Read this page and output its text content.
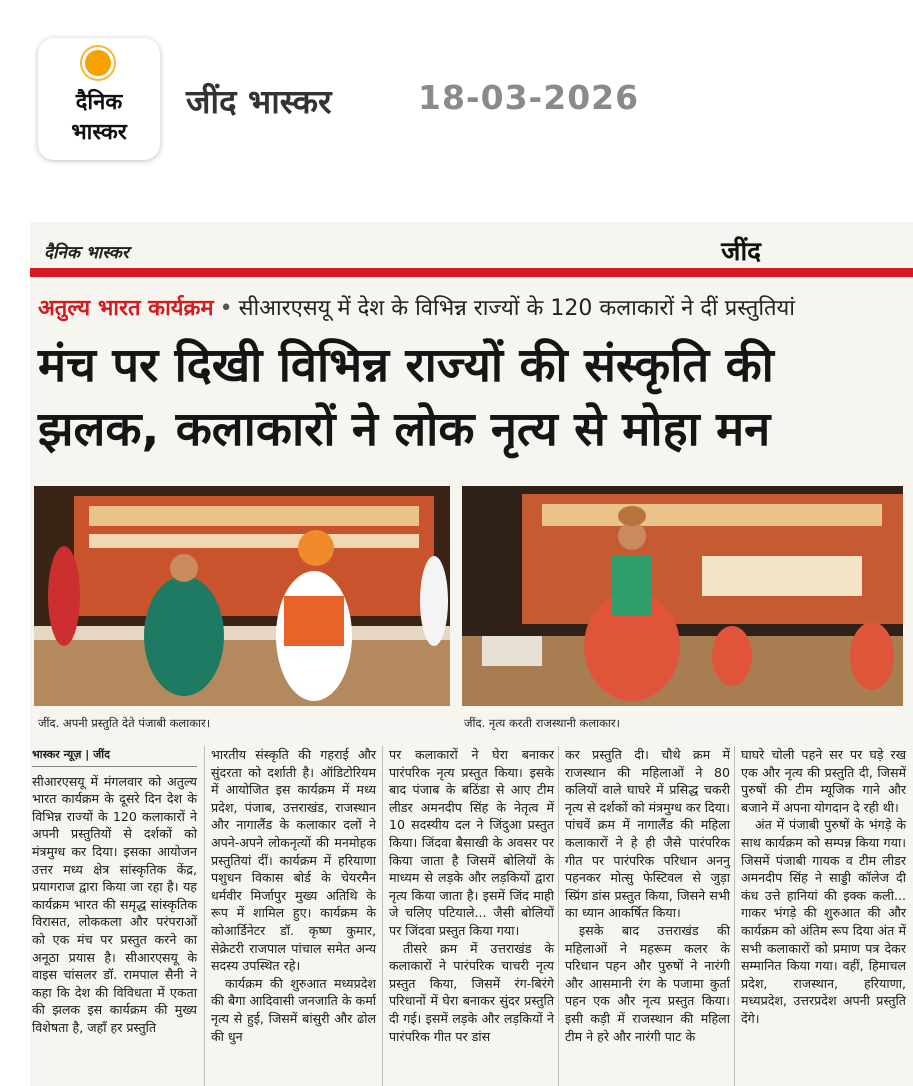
दैनिक
भास्कर
जींद भास्कर	18-03-2026
दैनिक भास्कर	जींद
अतुल्य भारत कार्यक्रम • सीआरएसयू में देश के विभिन्न राज्यों के 120 कलाकारों ने दीं प्रस्तुतियां
मंच पर दिखी विभिन्न राज्यों की संस्कृति की झलक, कलाकारों ने लोक नृत्य से मोहा मन
जींद. अपनी प्रस्तुति देते पंजाबी कलाकार।	जींद. नृत्य करती राजस्थानी कलाकार।
भास्कर न्यूज़ | जींद

सीआरएसयू में मंगलवार को अतुल्य भारत कार्यक्रम के दूसरे दिन देश के विभिन्न राज्यों के 120 कलाकारों ने अपनी प्रस्तुतियों से दर्शकों को मंत्रमुग्ध कर दिया। इसका आयोजन उत्तर मध्य क्षेत्र सांस्कृतिक केंद्र, प्रयागराज द्वारा किया जा रहा है। यह कार्यक्रम भारत की समृद्ध सांस्कृतिक विरासत, लोककला और परंपराओं को एक मंच पर प्रस्तुत करने का अनूठा प्रयास है। सीआरएसयू के वाइस चांसलर डॉ. रामपाल सैनी ने कहा कि देश की विविधता में एकता की झलक इस कार्यक्रम की मुख्य विशेषता है, जहाँ हर प्रस्तुति

भारतीय संस्कृति की गहराई और सुंदरता को दर्शाती है। ऑडिटोरियम में आयोजित इस कार्यक्रम में मध्य प्रदेश, पंजाब, उत्तराखंड, राजस्थान और नागालैंड के कलाकार दलों ने अपने-अपने लोकनृत्यों की मनमोहक प्रस्तुतियां दीं। कार्यक्रम में हरियाणा पशुधन विकास बोर्ड के चेयरमैन धर्मवीर मिर्जापुर मुख्य अतिथि के रूप में शामिल हुए। कार्यक्रम के कोआर्डिनेटर डॉ. कृष्ण कुमार, सेक्रेटरी राजपाल पांचाल समेत अन्य सदस्य उपस्थित रहे।

कार्यक्रम की शुरुआत मध्यप्रदेश की बैगा आदिवासी जनजाति के कर्मा नृत्य से हुई, जिसमें बांसुरी और ढोल की धुन

पर कलाकारों ने घेरा बनाकर पारंपरिक नृत्य प्रस्तुत किया। इसके बाद पंजाब के बठिंडा से आए टीम लीडर अमनदीप सिंह के नेतृत्व में 10 सदस्यीय दल ने जिंदुआ प्रस्तुत किया। जिंदवा बैसाखी के अवसर पर किया जाता है जिसमें बोलियों के माध्यम से लड़के और लड़कियों द्वारा नृत्य किया जाता है। इसमें जिंद माही जे चलिए पटियाले... जैसी बोलियों पर जिंदवा प्रस्तुत किया गया।

तीसरे क्रम में उत्तराखंड के कलाकारों ने पारंपरिक चाचरी नृत्य प्रस्तुत किया, जिसमें रंग-बिरंगे परिधानों में घेरा बनाकर सुंदर प्रस्तुति दी गई। इसमें लड़के और लड़कियों ने पारंपरिक गीत पर डांस

कर प्रस्तुति दी। चौथे क्रम में राजस्थान की महिलाओं ने 80 कलियों वाले घाघरे में प्रसिद्ध चकरी नृत्य से दर्शकों को मंत्रमुग्ध कर दिया। पांचवें क्रम में नागालैंड की महिला कलाकारों ने हे ही जैसे पारंपरिक गीत पर पारंपरिक परिधान अननु पहनकर मोत्सु फेस्टिवल से जुड़ा स्प्रिंग डांस प्रस्तुत किया, जिसने सभी का ध्यान आकर्षित किया।

इसके बाद उत्तराखंड की महिलाओं ने महरूम कलर के परिधान पहन और पुरुषों ने नारंगी और आसमानी रंग के पजामा कुर्ता पहन एक और नृत्य प्रस्तुत किया। इसी कड़ी में राजस्थान की महिला टीम ने हरे और नारंगी पाट के

घाघरे चोली पहने सर पर घड़े रख एक और नृत्य की प्रस्तुति दी, जिसमें पुरुषों की टीम म्यूजिक गाने और बजाने में अपना योगदान दे रही थी।

अंत में पंजाबी पुरुषों के भंगड़े के साथ कार्यक्रम को सम्पन्न किया गया। जिसमें पंजाबी गायक व टीम लीडर अमनदीप सिंह ने साड्डी कॉलेज दी कंध उत्ते हानियां की इक्क कली... गाकर भंगड़े की शुरुआत की और कार्यक्रम को अंतिम रूप दिया अंत में सभी कलाकारों को प्रमाण पत्र देकर सम्मानित किया गया। वहीं, हिमाचल प्रदेश, राजस्थान, हरियाणा, मध्यप्रदेश, उत्तरप्रदेश अपनी प्रस्तुति देंगे।
